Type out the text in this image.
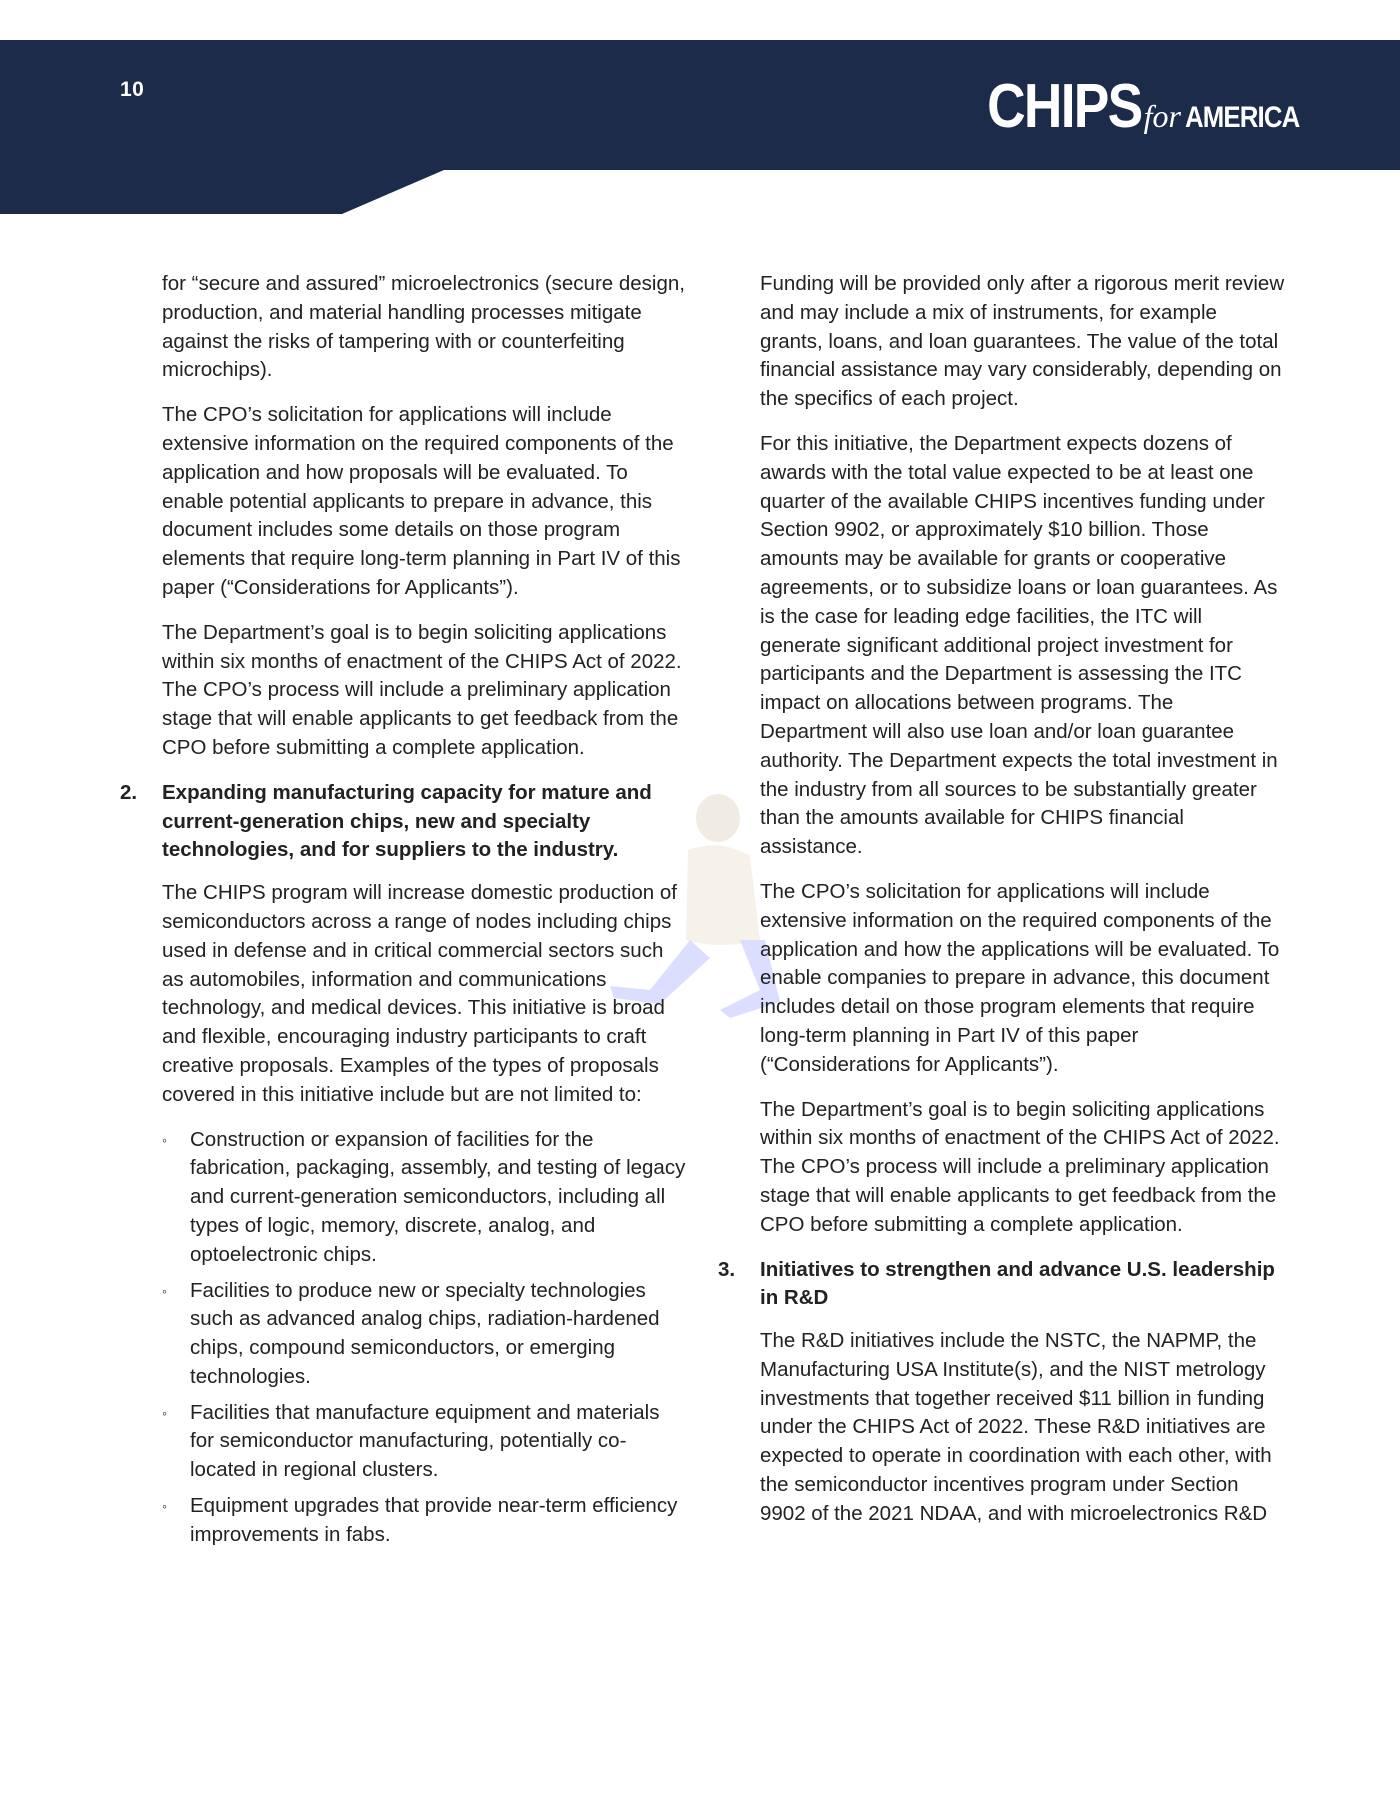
10	CHIPS for AMERICA

for “secure and assured” microelectronics (secure design, production, and material handling processes mitigate against the risks of tampering with or counterfeiting microchips).

The CPO’s solicitation for applications will include extensive information on the required components of the application and how proposals will be evaluated. To enable potential applicants to prepare in advance, this document includes some details on those program elements that require long-term planning in Part IV of this paper (“Considerations for Applicants”).

The Department’s goal is to begin soliciting applications within six months of enactment of the CHIPS Act of 2022. The CPO’s process will include a preliminary application stage that will enable applicants to get feedback from the CPO before submitting a complete application.

2. Expanding manufacturing capacity for mature and current-generation chips, new and specialty technologies, and for suppliers to the industry.

The CHIPS program will increase domestic production of semiconductors across a range of nodes including chips used in defense and in critical commercial sectors such as automobiles, information and communications technology, and medical devices. This initiative is broad and flexible, encouraging industry participants to craft creative proposals. Examples of the types of proposals covered in this initiative include but are not limited to:

◦ Construction or expansion of facilities for the fabrication, packaging, assembly, and testing of legacy and current-generation semiconductors, including all types of logic, memory, discrete, analog, and optoelectronic chips.
◦ Facilities to produce new or specialty technologies such as advanced analog chips, radiation-hardened chips, compound semiconductors, or emerging technologies.
◦ Facilities that manufacture equipment and materials for semiconductor manufacturing, potentially co-located in regional clusters.
◦ Equipment upgrades that provide near-term efficiency improvements in fabs.

Funding will be provided only after a rigorous merit review and may include a mix of instruments, for example grants, loans, and loan guarantees. The value of the total financial assistance may vary considerably, depending on the specifics of each project.

For this initiative, the Department expects dozens of awards with the total value expected to be at least one quarter of the available CHIPS incentives funding under Section 9902, or approximately $10 billion. Those amounts may be available for grants or cooperative agreements, or to subsidize loans or loan guarantees. As is the case for leading edge facilities, the ITC will generate significant additional project investment for participants and the Department is assessing the ITC impact on allocations between programs. The Department will also use loan and/or loan guarantee authority. The Department expects the total investment in the industry from all sources to be substantially greater than the amounts available for CHIPS financial assistance.

The CPO’s solicitation for applications will include extensive information on the required components of the application and how the applications will be evaluated. To enable companies to prepare in advance, this document includes detail on those program elements that require long-term planning in Part IV of this paper (“Considerations for Applicants”).

The Department’s goal is to begin soliciting applications within six months of enactment of the CHIPS Act of 2022. The CPO’s process will include a preliminary application stage that will enable applicants to get feedback from the CPO before submitting a complete application.

3. Initiatives to strengthen and advance U.S. leadership in R&D

The R&D initiatives include the NSTC, the NAPMP, the Manufacturing USA Institute(s), and the NIST metrology investments that together received $11 billion in funding under the CHIPS Act of 2022. These R&D initiatives are expected to operate in coordination with each other, with the semiconductor incentives program under Section 9902 of the 2021 NDAA, and with microelectronics R&D
